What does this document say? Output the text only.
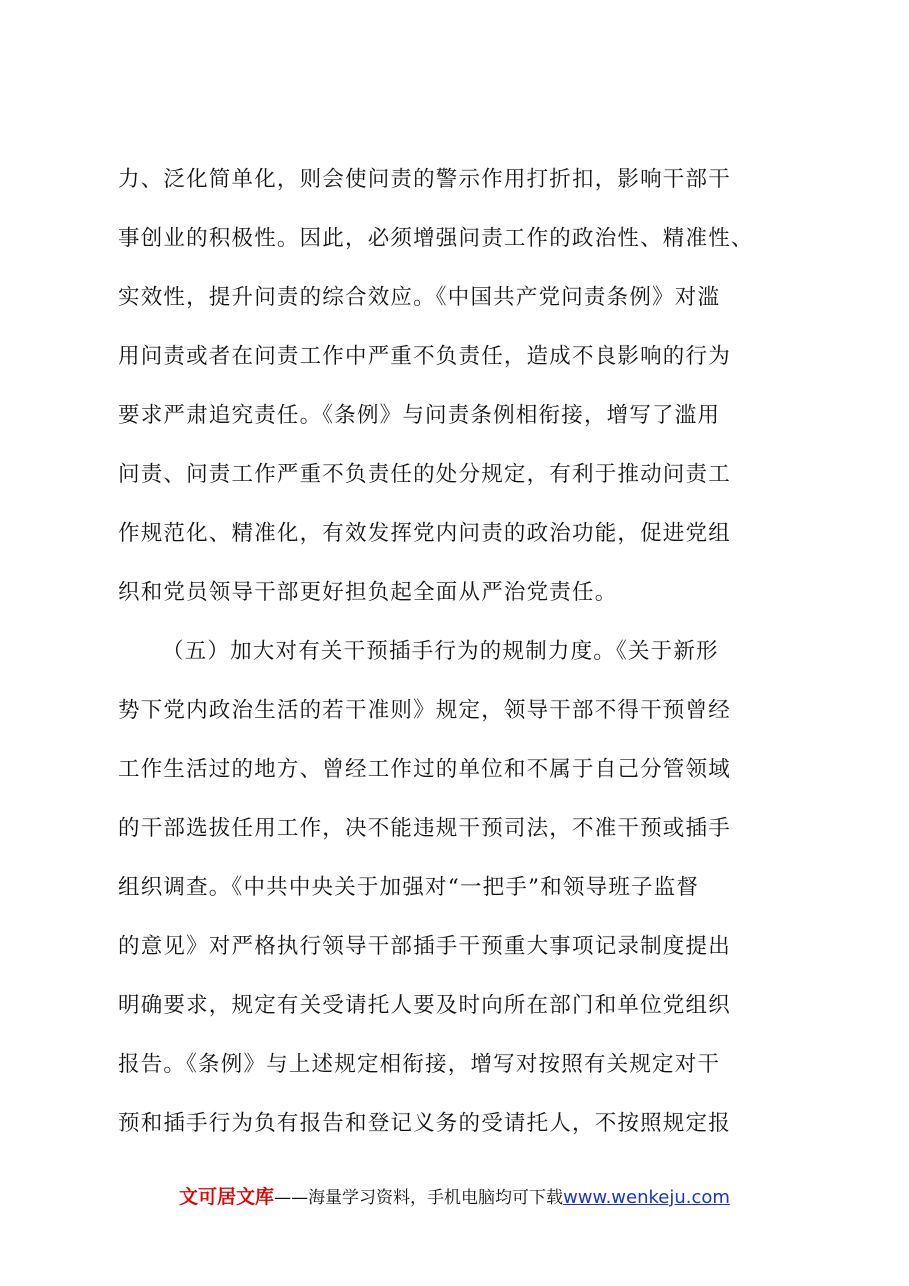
力、泛化简单化，则会使问责的警示作用打折扣，影响干部干
事创业的积极性。因此，必须增强问责工作的政治性、精准性、
实效性，提升问责的综合效应。《中国共产党问责条例》对滥
用问责或者在问责工作中严重不负责任，造成不良影响的行为
要求严肃追究责任。《条例》与问责条例相衔接，增写了滥用
问责、问责工作严重不负责任的处分规定，有利于推动问责工
作规范化、精准化，有效发挥党内问责的政治功能，促进党组
织和党员领导干部更好担负起全面从严治党责任。
（五）加大对有关干预插手行为的规制力度。《关于新形
势下党内政治生活的若干准则》规定，领导干部不得干预曾经
工作生活过的地方、曾经工作过的单位和不属于自己分管领域
的干部选拔任用工作，决不能违规干预司法，不准干预或插手
组织调查。《中共中央关于加强对“一把手”和领导班子监督
的意见》对严格执行领导干部插手干预重大事项记录制度提出
明确要求，规定有关受请托人要及时向所在部门和单位党组织
报告。《条例》与上述规定相衔接，增写对按照有关规定对干
预和插手行为负有报告和登记义务的受请托人，不按照规定报
文可居文库——海量学习资料，手机电脑均可下载www.wenkeju.com
